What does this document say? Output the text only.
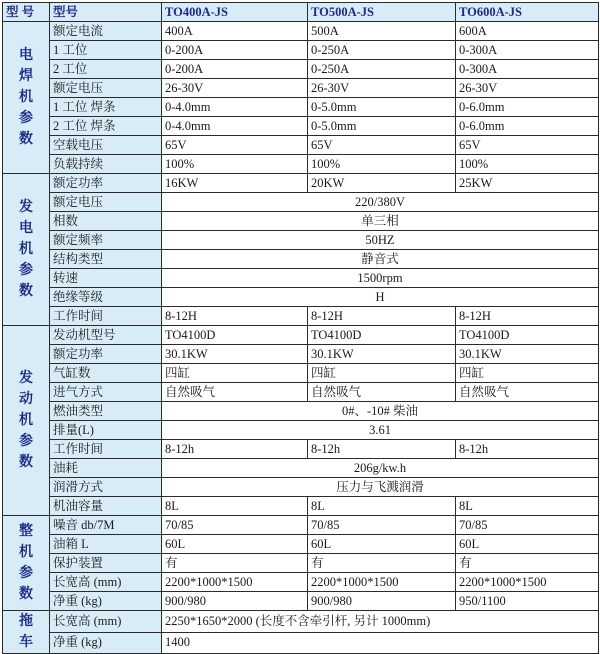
型 号	型号	TO400A-JS	TO500A-JS	TO600A-JS
电焊机参数	额定电流	400A	500A	600A
	1 工位	0-200A	0-250A	0-300A
	2 工位	0-200A	0-250A	0-300A
	额定电压	26-30V	26-30V	26-30V
	1 工位 焊条	0-4.0mm	0-5.0mm	0-6.0mm
	2 工位 焊条	0-4.0mm	0-5.0mm	0-6.0mm
	空载电压	65V	65V	65V
	负载持续	100%	100%	100%
发电机参数	额定功率	16KW	20KW	25KW
	额定电压	220/380V		
	相数	单三相		
	额定频率	50HZ		
	结构类型	静音式		
	转速	1500rpm		
	绝缘等级	H		
	工作时间	8-12H	8-12H	8-12H
发动机参数	发动机型号	TO4100D	TO4100D	TO4100D
	额定功率	30.1KW	30.1KW	30.1KW
	气缸数	四缸	四缸	四缸
	进气方式	自然吸气	自然吸气	自然吸气
	燃油类型	0#、-10# 柴油		
	排量(L)	3.61		
	工作时间	8-12h	8-12h	8-12h
	油耗	206g/kw.h		
	润滑方式	压力与飞溅润滑		
	机油容量	8L	8L	8L
整机参数	噪音 db/7M	70/85	70/85	70/85
	油箱 L	60L	60L	60L
	保护装置	有	有	有
	长宽高 (mm)	2200*1000*1500	2200*1000*1500	2200*1000*1500
	净重 (kg)	900/980	900/980	950/1100
拖车	长宽高 (mm)	2250*1650*2000 (长度不含牵引杆, 另计 1000mm)		
	净重 (kg)	1400		
